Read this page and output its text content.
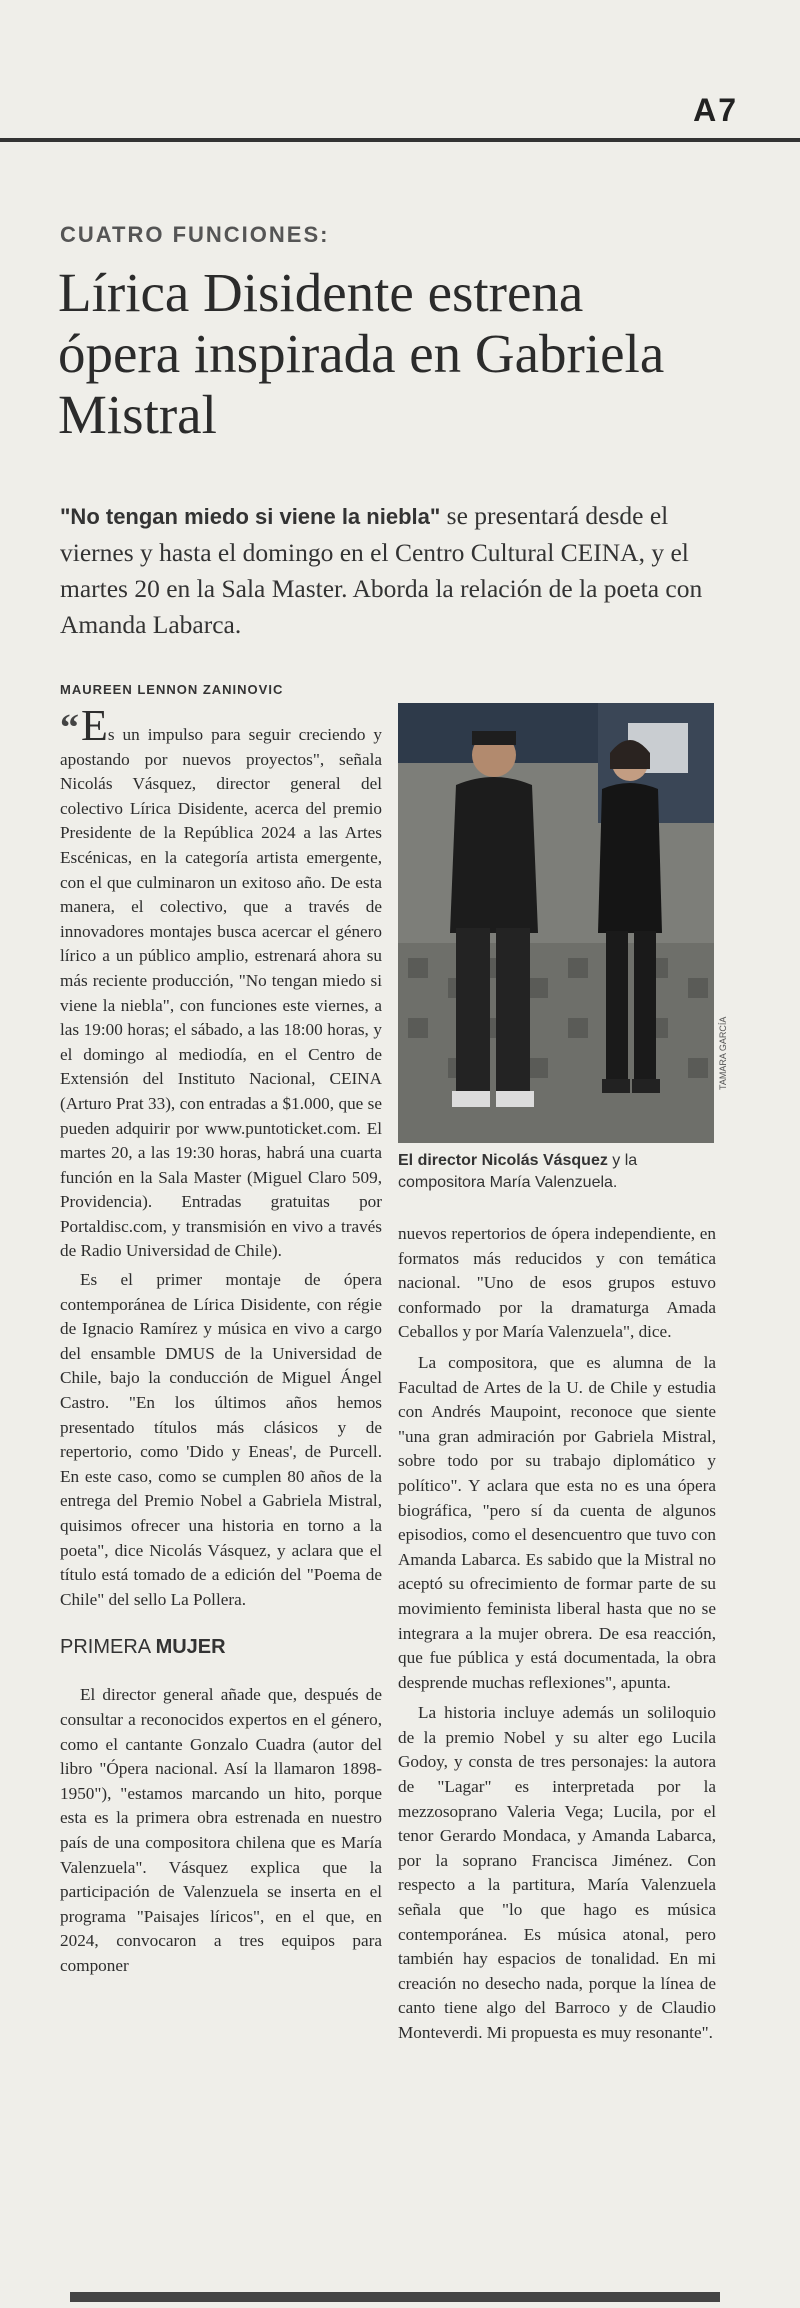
A7
CUATRO FUNCIONES:
Lírica Disidente estrena ópera inspirada en Gabriela Mistral
"No tengan miedo si viene la niebla" se presentará desde el viernes y hasta el domingo en el Centro Cultural CEINA, y el martes 20 en la Sala Master. Aborda la relación de la poeta con Amanda Labarca.
MAUREEN LENNON ZANINOVIC

“Es un impulso para seguir creciendo y apostando por nuevos proyectos", señala Nicolás Vásquez, director general del colectivo Lírica Disidente, acerca del premio Presidente de la República 2024 a las Artes Escénicas, en la categoría artista emergente, con el que culminaron un exitoso año. De esta manera, el colectivo, que a través de innovadores montajes busca acercar el género lírico a un público amplio, estrenará ahora su más reciente producción, "No tengan miedo si viene la niebla", con funciones este viernes, a las 19:00 horas; el sábado, a las 18:00 horas, y el domingo al mediodía, en el Centro de Extensión del Instituto Nacional, CEINA (Arturo Prat 33), con entradas a $1.000, que se pueden adquirir por www.puntoticket.com. El martes 20, a las 19:30 horas, habrá una cuarta función en la Sala Master (Miguel Claro 509, Providencia). Entradas gratuitas por Portaldisc.com, y transmisión en vivo a través de Radio Universidad de Chile).

Es el primer montaje de ópera contemporánea de Lírica Disidente, con régie de Ignacio Ramírez y música en vivo a cargo del ensamble DMUS de la Universidad de Chile, bajo la conducción de Miguel Ángel Castro. "En los últimos años hemos presentado títulos más clásicos y de repertorio, como 'Dido y Eneas', de Purcell. En este caso, como se cumplen 80 años de la entrega del Premio Nobel a Gabriela Mistral, quisimos ofrecer una historia en torno a la poeta", dice Nicolás Vásquez, y aclara que el título está tomado de a edición del "Poema de Chile" del sello La Pollera.

PRIMERA MUJER

El director general añade que, después de consultar a reconocidos expertos en el género, como el cantante Gonzalo Cuadra (autor del libro "Ópera nacional. Así la llamaron 1898-1950"), "estamos marcando un hito, porque esta es la primera obra estrenada en nuestro país de una compositora chilena que es María Valenzuela". Vásquez explica que la participación de Valenzuela se inserta en el programa "Paisajes líricos", en el que, en 2024, convocaron a tres equipos para componer

TAMARA GARCÍA
El director Nicolás Vásquez y la compositora María Valenzuela.

nuevos repertorios de ópera independiente, en formatos más reducidos y con temática nacional. "Uno de esos grupos estuvo conformado por la dramaturga Amada Ceballos y por María Valenzuela", dice.

La compositora, que es alumna de la Facultad de Artes de la U. de Chile y estudia con Andrés Maupoint, reconoce que siente "una gran admiración por Gabriela Mistral, sobre todo por su trabajo diplomático y político". Y aclara que esta no es una ópera biográfica, "pero sí da cuenta de algunos episodios, como el desencuentro que tuvo con Amanda Labarca. Es sabido que la Mistral no aceptó su ofrecimiento de formar parte de su movimiento feminista liberal hasta que no se integrara a la mujer obrera. De esa reacción, que fue pública y está documentada, la obra desprende muchas reflexiones", apunta.

La historia incluye además un soliloquio de la premio Nobel y su alter ego Lucila Godoy, y consta de tres personajes: la autora de "Lagar" es interpretada por la mezzosoprano Valeria Vega; Lucila, por el tenor Gerardo Mondaca, y Amanda Labarca, por la soprano Francisca Jiménez. Con respecto a la partitura, María Valenzuela señala que "lo que hago es música contemporánea. Es música atonal, pero también hay espacios de tonalidad. En mi creación no desecho nada, porque la línea de canto tiene algo del Barroco y de Claudio Monteverdi. Mi propuesta es muy resonante".
